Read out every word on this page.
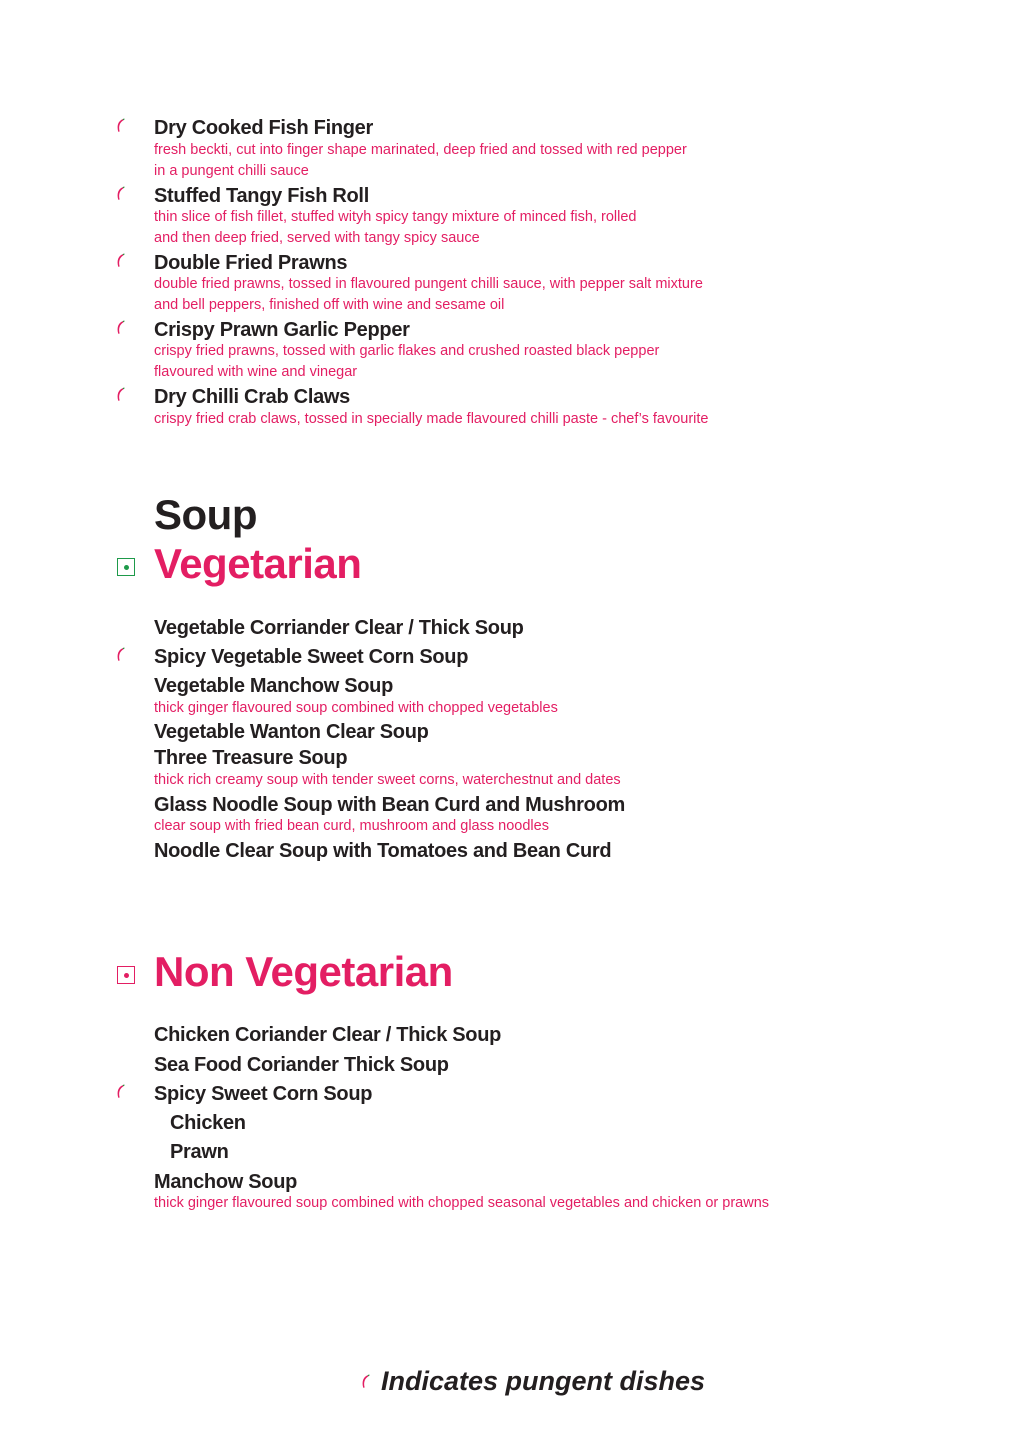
Dry Cooked Fish Finger
fresh beckti, cut into finger shape marinated, deep fried and tossed with red pepper
in a pungent chilli sauce
Stuffed Tangy Fish Roll
thin slice of fish fillet, stuffed wityh spicy tangy mixture of minced fish, rolled
and then deep fried, served with tangy spicy sauce
Double Fried Prawns
double fried prawns, tossed in flavoured pungent chilli sauce, with pepper salt mixture
and bell peppers, finished off with wine and sesame oil
Crispy Prawn Garlic Pepper
crispy fried prawns, tossed with garlic flakes and crushed roasted black pepper
flavoured with wine and vinegar
Dry Chilli Crab Claws
crispy fried crab claws, tossed in specially made flavoured chilli paste - chef’s favourite
Soup
Vegetarian
Vegetable Corriander Clear / Thick Soup
Spicy Vegetable Sweet Corn Soup
Vegetable Manchow Soup
thick ginger flavoured soup combined with chopped vegetables
Vegetable Wanton Clear Soup
Three Treasure Soup
thick rich creamy soup with tender sweet corns, waterchestnut and dates
Glass Noodle Soup with Bean Curd and Mushroom
clear soup with fried bean curd, mushroom and glass noodles
Noodle Clear Soup with Tomatoes and Bean Curd
Non Vegetarian
Chicken Coriander Clear / Thick Soup
Sea Food Coriander Thick Soup
Spicy Sweet Corn Soup
Chicken
Prawn
Manchow Soup
thick ginger flavoured soup combined with chopped seasonal vegetables and chicken or prawns
Indicates pungent dishes
